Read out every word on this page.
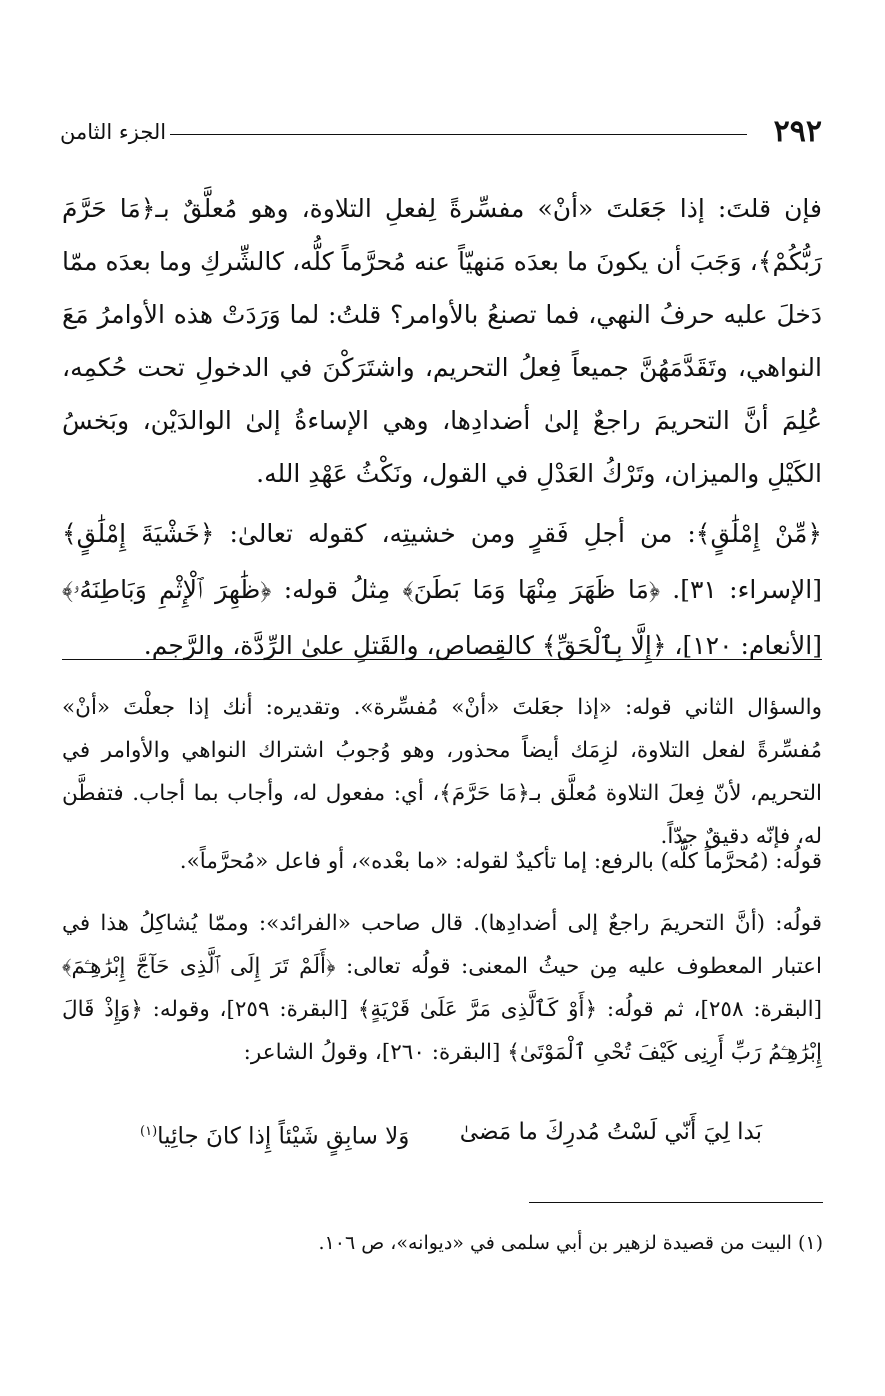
٢٩٢
الجزء الثامن

فإن قلتَ: إذا جَعَلتَ «أنْ» مفسِّرةً لِفعلِ التلاوة، وهو مُعلَّقٌ بـ﴿مَا حَرَّمَ رَبُّكُمْ﴾، وَجَبَ أن يكونَ ما بعدَه مَنهيّاً عنه مُحرَّماً كلُّه، كالشِّركِ وما بعدَه ممّا دَخلَ عليه حرفُ النهي، فما تصنعُ بالأوامر؟ قلتُ: لما وَرَدَتْ هذه الأوامرُ مَعَ النواهي، وتَقَدَّمَهُنَّ جميعاً فِعلُ التحريم، واشتَرَكْنَ في الدخولِ تحت حُكمِه، عُلِمَ أنَّ التحريمَ راجعٌ إلىٰ أضدادِها، وهي الإساءةُ إلىٰ الوالدَيْن، وبَخسُ الكَيْلِ والميزان، وتَرْكُ العَدْلِ في القول، ونَكْثُ عَهْدِ الله.

﴿مِّنْ إِمْلَٰقٍ﴾: من أجلِ فَقرٍ ومن خشيتِه، كقوله تعالىٰ: ﴿خَشْيَةَ إِمْلَٰقٍ﴾ [الإسراء: ٣١]. ﴿مَا ظَهَرَ مِنْهَا وَمَا بَطَنَ﴾ مِثلُ قوله: ﴿ظَٰهِرَ ٱلْإِثْمِ وَبَاطِنَهُۥ﴾ [الأنعام: ١٢٠]، ﴿إِلَّا بِٱلْحَقِّ﴾ كالقِصاص، والقَتلِ علىٰ الرِّدَّة، والرَّجم.

والسؤال الثاني قوله: «إذا جعَلتَ «أنْ» مُفسِّرة». وتقديره: أنك إذا جعلْتَ «أنْ» مُفسِّرةً لفعل التلاوة، لزِمَك أيضاً محذور، وهو وُجوبُ اشتراك النواهي والأوامر في التحريم، لأنّ فِعلَ التلاوة مُعلَّق بـ﴿مَا حَرَّمَ﴾، أي: مفعول له، وأجاب بما أجاب. فتفطَّن له، فإنّه دقيقٌ جدّاً.

قولُه: (مُحرَّماً كلُّه) بالرفع: إما تأكيدٌ لقوله: «ما بعْده»، أو فاعل «مُحرَّماً».

قولُه: (أنَّ التحريمَ راجعٌ إلى أضدادِها). قال صاحب «الفرائد»: وممّا يُشاكِلُ هذا في اعتبار المعطوف عليه مِن حيثُ المعنى: قولُه تعالى: ﴿أَلَمْ تَرَ إِلَى ٱلَّذِى حَآجَّ إِبْرَٰهِـۧمَ﴾ [البقرة: ٢٥٨]، ثم قولُه: ﴿أَوْ كَٱلَّذِى مَرَّ عَلَىٰ قَرْيَةٍ﴾ [البقرة: ٢٥٩]، وقوله: ﴿وَإِذْ قَالَ إِبْرَٰهِـۧمُ رَبِّ أَرِنِى كَيْفَ تُحْىِ ٱلْمَوْتَىٰ﴾ [البقرة: ٢٦٠]، وقولُ الشاعر:

بَدا لِيَ أَنّي لَسْتُ مُدرِكَ ما مَضىٰ
وَلا سابِقٍ شَيْئاً إِذا كانَ جائِيا$^{(١)}$

(١) البيت من قصيدة لزهير بن أبي سلمى في «ديوانه»، ص ١٠٦.
